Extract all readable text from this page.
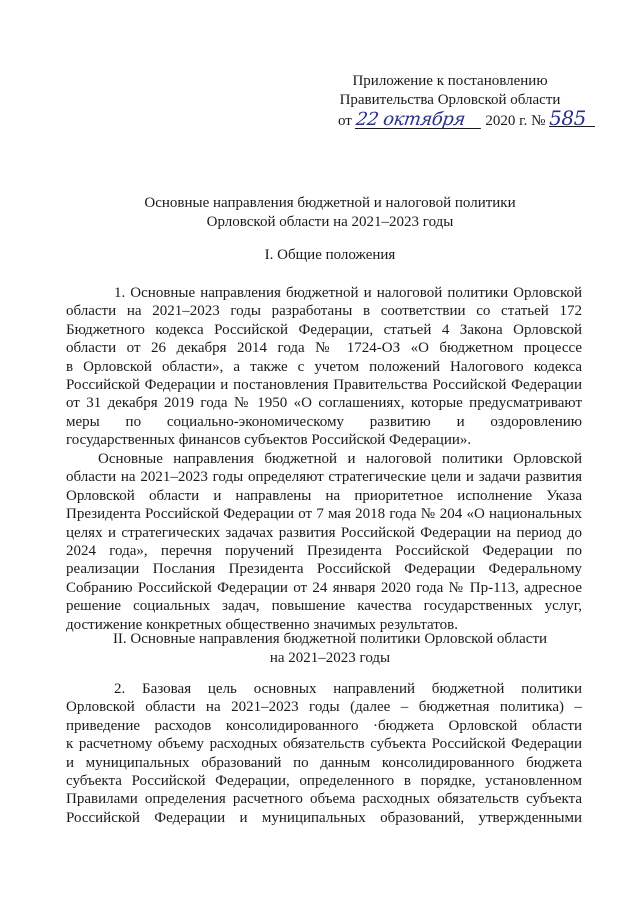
Приложение к постановлению
Правительства Орловской области
от 22 октября 2020 г. № 585
Основные направления бюджетной и налоговой политики
Орловской области на 2021–2023 годы
I. Общие положения
1. Основные направления бюджетной и налоговой политики Орловской
области на 2021–2023 годы разработаны в соответствии со статьей 172
Бюджетного кодекса Российской Федерации, статьей 4 Закона Орловской
области от 26 декабря 2014 года № 1724-ОЗ «О бюджетном процессе
в Орловской области», а также с учетом положений Налогового кодекса
Российской Федерации и постановления Правительства Российской Федерации
от 31 декабря 2019 года № 1950 «О соглашениях, которые предусматривают
меры по социально-экономическому развитию и оздоровлению
государственных финансов субъектов Российской Федерации».
Основные направления бюджетной и налоговой политики Орловской
области на 2021–2023 годы определяют стратегические цели и задачи развития
Орловской области и направлены на приоритетное исполнение Указа
Президента Российской Федерации от 7 мая 2018 года № 204 «О национальных
целях и стратегических задачах развития Российской Федерации на период до
2024 года», перечня поручений Президента Российской Федерации по
реализации Послания Президента Российской Федерации Федеральному
Собранию Российской Федерации от 24 января 2020 года № Пр-113, адресное
решение социальных задач, повышение качества государственных услуг,
достижение конкретных общественно значимых результатов.
II. Основные направления бюджетной политики Орловской области
на 2021–2023 годы
2. Базовая цель основных направлений бюджетной политики
Орловской области на 2021–2023 годы (далее – бюджетная политика) –
приведение расходов консолидированного ·бюджета Орловской области
к расчетному объему расходных обязательств субъекта Российской Федерации
и муниципальных образований по данным консолидированного бюджета
субъекта Российской Федерации, определенного в порядке, установленном
Правилами определения расчетного объема расходных обязательств субъекта
Российской Федерации и муниципальных образований, утвержденными
